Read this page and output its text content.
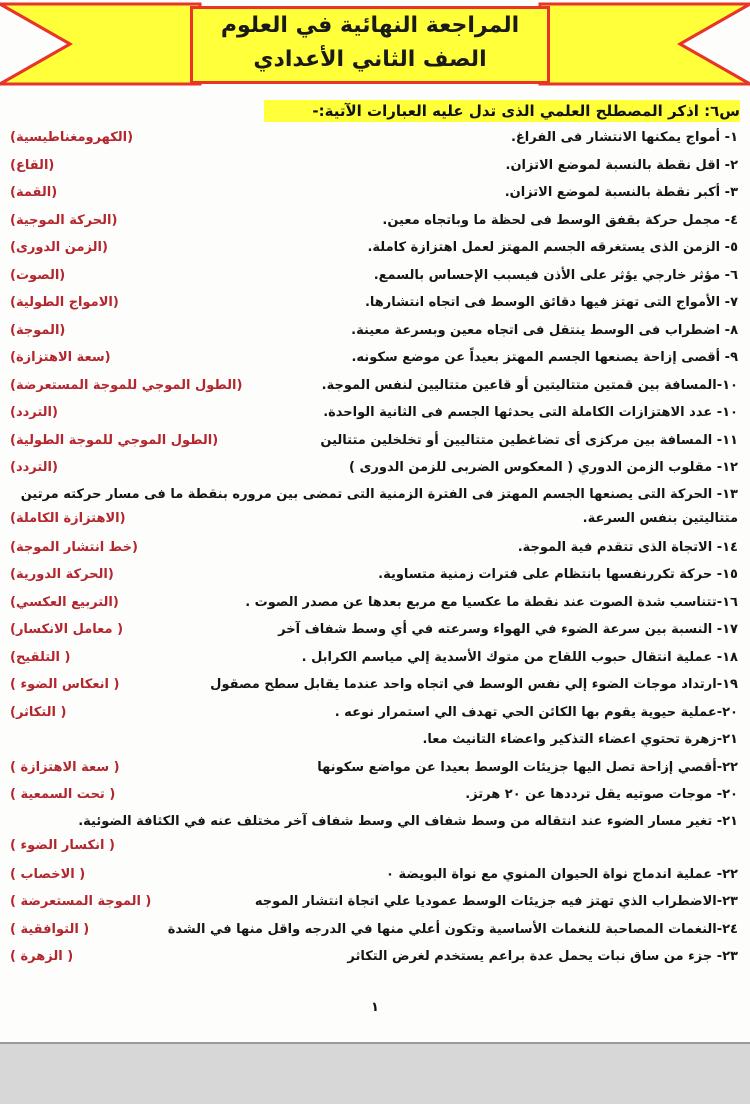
المراجعة النهائية في العلوم
الصف الثاني الأعدادي
س٦: اذكر المصطلح العلمي الذى تدل عليه العبارات الآتية:-
١- أمواج يمكنها الانتشار فى الفراغ.
(الكهرومغناطيسية)
٢- اقل نقطة بالنسبة لموضع الاتزان.
(القاع)
٣- أكبر نقطة بالنسبة لموضع الاتزان.
(القمة)
٤- مجمل حركة بقفق الوسط فى لحظة ما وباتجاه معين.
(الحركة الموجية)
٥- الزمن الذى يستغرقه الجسم المهتز لعمل اهتزازة كاملة.
(الزمن الدورى)
٦- مؤثر خارجي يؤثر على الأذن فيسبب الإحساس بالسمع.
(الصوت)
٧- الأمواج التى تهتز فيها دقائق الوسط فى اتجاه انتشارها.
(الامواج الطولية)
٨- اضطراب فى الوسط ينتقل فى اتجاه معين وبسرعة معينة.
(الموجة)
٩- أقصى إزاحة يصنعها الجسم المهتز بعيداً عن موضع سكونه.
(سعة الاهتزازة)
١٠-المسافة بين قمتين متتاليتين أو قاعين متتاليين لنفس الموجة.
(الطول الموجي للموجة المستعرضة)
١٠- عدد الاهتزازات الكاملة التى يحدثها الجسم فى الثانية الواحدة.
(التردد)
١١- المسافة بين مركزى أى تضاغطين متتاليين أو تخلخلين متتالين
(الطول الموجي للموجة الطولية)
١٢- مقلوب الزمن الدوري ( المعكوس الضربى للزمن الدورى )
(التردد)
١٣- الحركة التى يصنعها الجسم المهتز فى الفترة الزمنية التى تمضى بين مروره بنقطة ما فى مسار حركته مرتين متتاليتين بنفس السرعة.
(الاهتزازة الكاملة)
١٤- الاتجاة الذى تتقدم فية الموجة.
(خط انتشار الموجة)
١٥- حركة تكررنفسها بانتظام على فترات زمنية متساوية.
(الحركة الدورية)
١٦-تتناسب شدة الصوت عند نقطة ما عكسيا مع مربع بعدها عن مصدر الصوت .
(التربيع العكسي)
١٧- النسبة بين سرعة الضوء في الهواء وسرعته في أي وسط شفاف آخر
( معامل الانكسار)
١٨- عملية انتقال حبوب اللقاح من متوك الأسدية إلي مياسم الكرابل .
( التلقيح)
١٩-ارتداد موجات الضوء إلي نفس الوسط في اتجاه واحد عندما يقابل سطح مصقول
( انعكاس الضوء )
٢٠-عملية حيوية يقوم بها الكائن الحي تهدف الي استمرار نوعه .
( التكاثر)
٢١-زهرة تحتوي اعضاء التذكير واعضاء التانيث معا.
٢٢-أقصي إزاحة تصل اليها جزيئات الوسط بعيدا عن مواضع سكونها
( سعة الاهتزازة )
٢٠- موجات صوتيه يقل ترددها عن ٢٠ هرتز.
( تحت السمعية )
٢١- تغير مسار الضوء عند انتقاله من وسط شفاف الي وسط شفاف آخر مختلف عنه في الكثافة الضوئية.
( انكسار الضوء )
٢٢- عملية اندماج نواة الحيوان المنوي مع نواة البويضة ٠
( الاخصاب )
٢٣-الاضطراب الذي تهتز فيه جزيئات الوسط عموديا علي اتجاة انتشار الموجه
( الموجة المستعرضة )
٢٤-النغمات المصاحبة للنغمات الأساسية وتكون أعلي منها في الدرجه واقل منها في الشدة
( التوافقية )
٢٣- جزء من ساق نبات يحمل عدة براعم يستخدم لغرض التكاثر
( الزهرة )
١
